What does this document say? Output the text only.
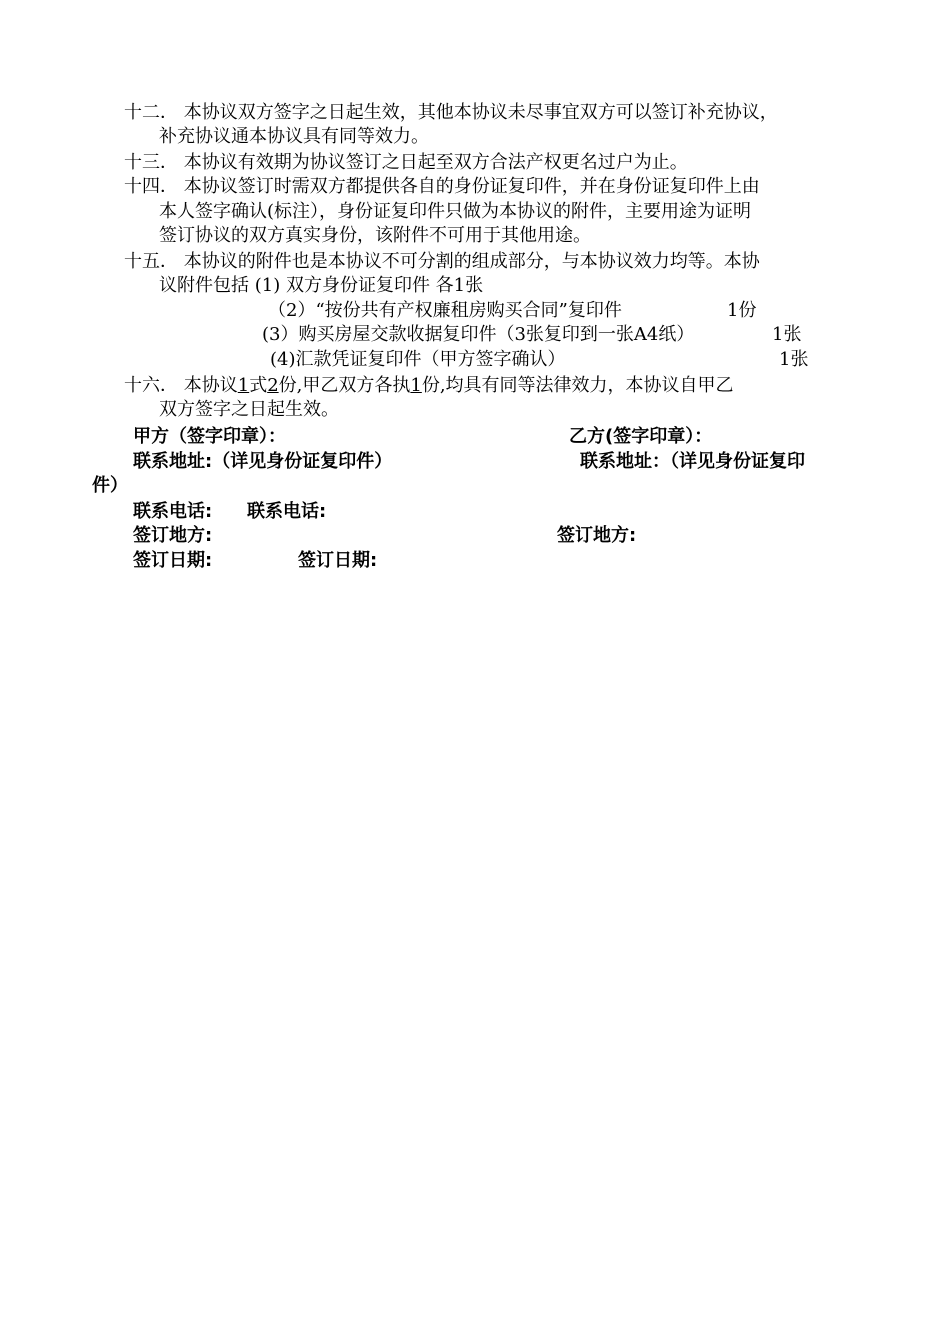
十二． 本协议双方签字之日起生效，其他本协议未尽事宜双方可以签订补充协议，
补充协议通本协议具有同等效力。
十三． 本协议有效期为协议签订之日起至双方合法产权更名过户为止。
十四． 本协议签订时需双方都提供各自的身份证复印件，并在身份证复印件上由
本人签字确认(标注），身份证复印件只做为本协议的附件，主要用途为证明
签订协议的双方真实身份，该附件不可用于其他用途。
十五． 本协议的附件也是本协议不可分割的组成部分，与本协议效力均等。本协
议附件包括 (1) 双方身份证复印件 各1张
（2）“按份共有产权廉租房购买合同”复印件	1份
(3）购买房屋交款收据复印件（3张复印到一张A4纸）	1张
(4)汇款凭证复印件（甲方签字确认）	1张
十六． 本协议1式2份,甲乙双方各执1份,均具有同等法律效力，本协议自甲乙
双方签字之日起生效。
甲方（签字印章）：	乙方(签字印章）：
联系地址:（详见身份证复印件）	联系地址：（详见身份证复印
件）
联系电话: 联系电话:
签订地方:	签订地方:
签订日期:	签订日期:
